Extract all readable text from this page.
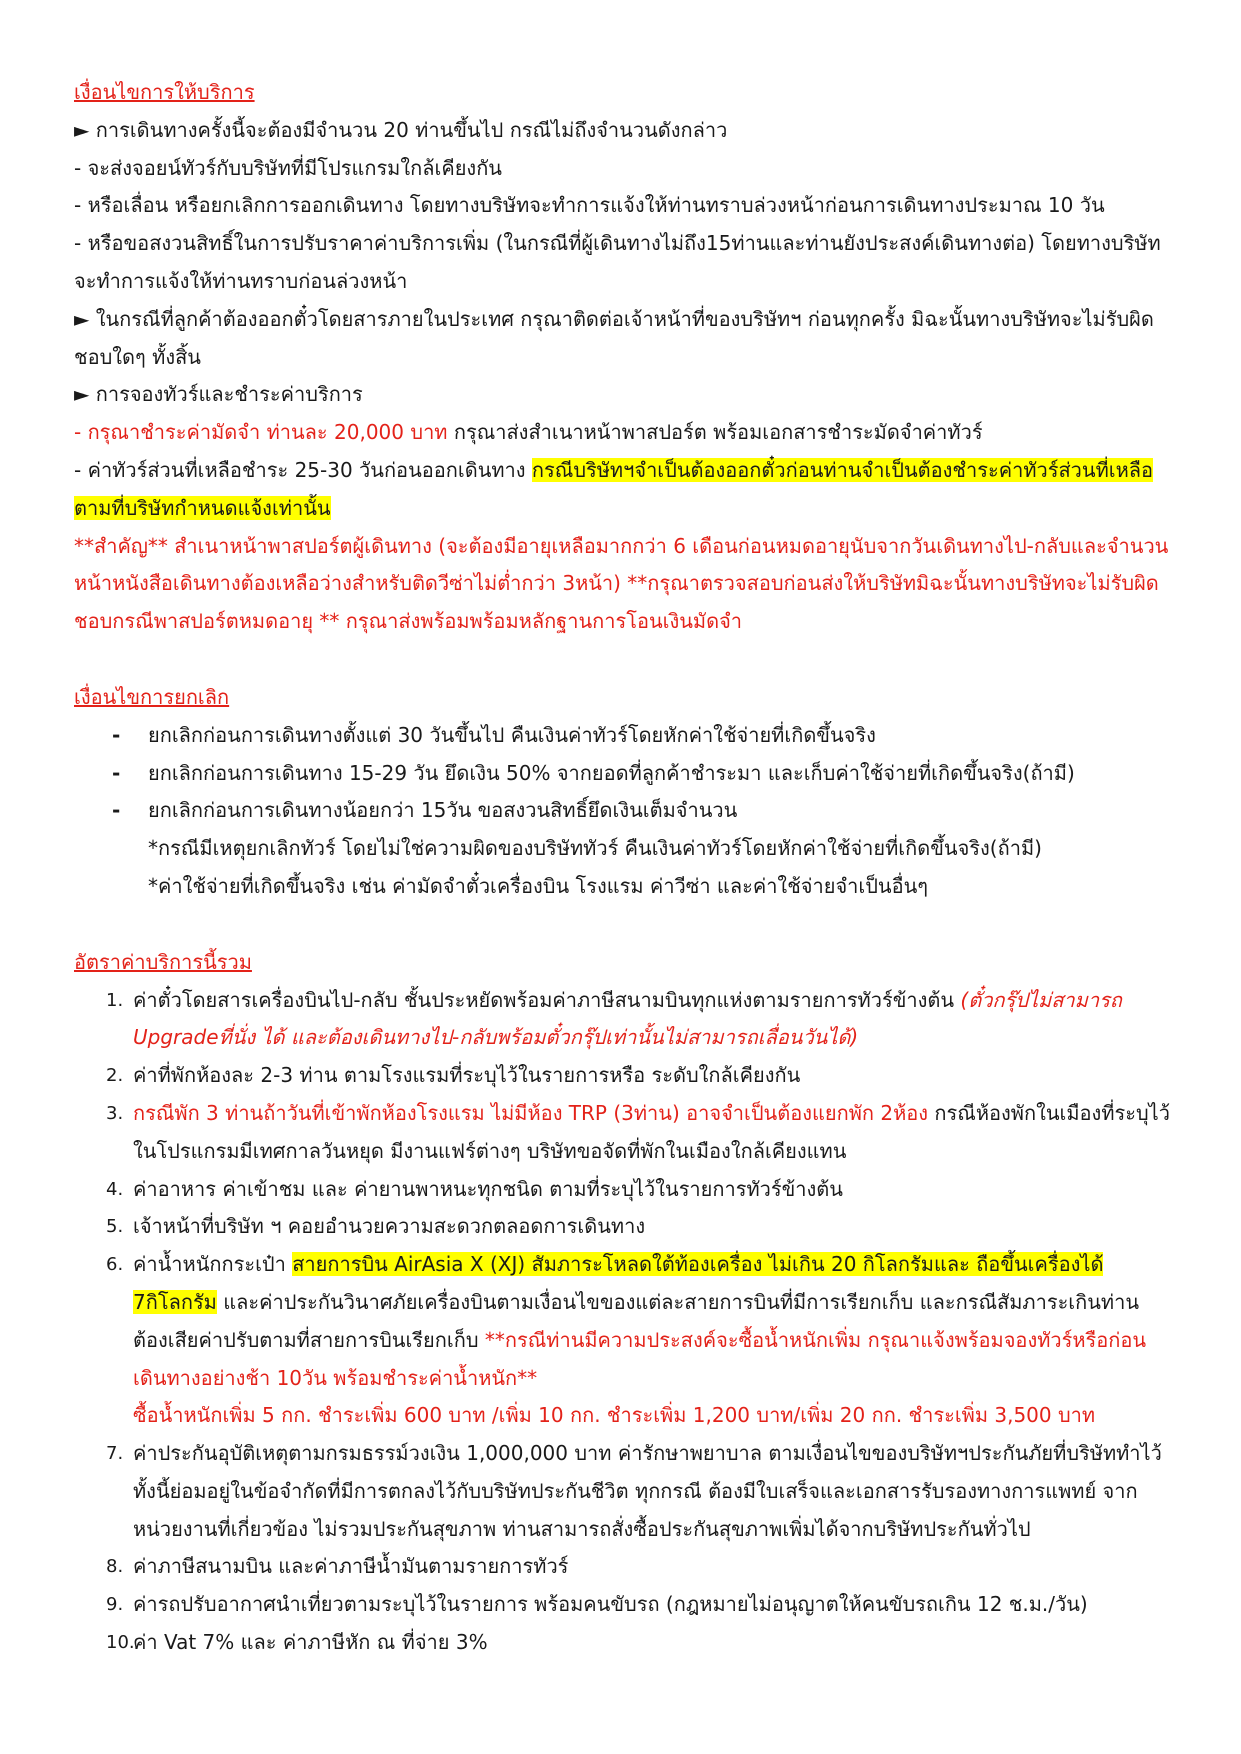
เงื่อนไขการให้บริการ

► การเดินทางครั้งนี้จะต้องมีจำนวน 20 ท่านขึ้นไป กรณีไม่ถึงจำนวนดังกล่าว

- จะส่งจอยน์ทัวร์กับบริษัทที่มีโปรแกรมใกล้เคียงกัน

- หรือเลื่อน หรือยกเลิกการออกเดินทาง โดยทางบริษัทจะทำการแจ้งให้ท่านทราบล่วงหน้าก่อนการเดินทางประมาณ 10 วัน

- หรือขอสงวนสิทธิ์ในการปรับราคาค่าบริการเพิ่ม (ในกรณีที่ผู้เดินทางไม่ถึง15ท่านและท่านยังประสงค์เดินทางต่อ) โดยทางบริษัทจะทำการแจ้งให้ท่านทราบก่อนล่วงหน้า

► ในกรณีที่ลูกค้าต้องออกตั๋วโดยสารภายในประเทศ กรุณาติดต่อเจ้าหน้าที่ของบริษัทฯ ก่อนทุกครั้ง มิฉะนั้นทางบริษัทจะไม่รับผิดชอบใดๆ ทั้งสิ้น

► การจองทัวร์และชำระค่าบริการ

- กรุณาชำระค่ามัดจำ ท่านละ 20,000 บาท กรุณาส่งสำเนาหน้าพาสปอร์ต พร้อมเอกสารชำระมัดจำค่าทัวร์

- ค่าทัวร์ส่วนที่เหลือชำระ 25-30 วันก่อนออกเดินทาง กรณีบริษัทฯจำเป็นต้องออกตั๋วก่อนท่านจำเป็นต้องชำระค่าทัวร์ส่วนที่เหลือตามที่บริษัทกำหนดแจ้งเท่านั้น

**สำคัญ** สำเนาหน้าพาสปอร์ตผู้เดินทาง (จะต้องมีอายุเหลือมากกว่า 6 เดือนก่อนหมดอายุนับจากวันเดินทางไป-กลับและจำนวนหน้าหนังสือเดินทางต้องเหลือว่างสำหรับติดวีซ่าไม่ต่ำกว่า 3หน้า) **กรุณาตรวจสอบก่อนส่งให้บริษัทมิฉะนั้นทางบริษัทจะไม่รับผิดชอบกรณีพาสปอร์ตหมดอายุ ** กรุณาส่งพร้อมพร้อมหลักฐานการโอนเงินมัดจำ

เงื่อนไขการยกเลิก

- ยกเลิกก่อนการเดินทางตั้งแต่ 30 วันขึ้นไป คืนเงินค่าทัวร์โดยหักค่าใช้จ่ายที่เกิดขึ้นจริง
- ยกเลิกก่อนการเดินทาง 15-29 วัน ยึดเงิน 50% จากยอดที่ลูกค้าชำระมา และเก็บค่าใช้จ่ายที่เกิดขึ้นจริง(ถ้ามี)
- ยกเลิกก่อนการเดินทางน้อยกว่า 15วัน ขอสงวนสิทธิ์ยึดเงินเต็มจำนวน
*กรณีมีเหตุยกเลิกทัวร์ โดยไม่ใช่ความผิดของบริษัททัวร์ คืนเงินค่าทัวร์โดยหักค่าใช้จ่ายที่เกิดขึ้นจริง(ถ้ามี)
*ค่าใช้จ่ายที่เกิดขึ้นจริง เช่น ค่ามัดจำตั๋วเครื่องบิน โรงแรม ค่าวีซ่า และค่าใช้จ่ายจำเป็นอื่นๆ

อัตราค่าบริการนี้รวม

1. ค่าตั๋วโดยสารเครื่องบินไป-กลับ ชั้นประหยัดพร้อมค่าภาษีสนามบินทุกแห่งตามรายการทัวร์ข้างต้น (ตั๋วกรุ๊ปไม่สามารถ Upgradeที่นั่ง ได้ และต้องเดินทางไป-กลับพร้อมตั๋วกรุ๊ปเท่านั้นไม่สามารถเลื่อนวันได้)
2. ค่าที่พักห้องละ 2-3 ท่าน ตามโรงแรมที่ระบุไว้ในรายการหรือ ระดับใกล้เคียงกัน
3. กรณีพัก 3 ท่านถ้าวันที่เข้าพักห้องโรงแรม ไม่มีห้อง TRP (3ท่าน) อาจจำเป็นต้องแยกพัก 2ห้อง กรณีห้องพักในเมืองที่ระบุไว้ในโปรแกรมมีเทศกาลวันหยุด มีงานแฟร์ต่างๆ บริษัทขอจัดที่พักในเมืองใกล้เคียงแทน
4. ค่าอาหาร ค่าเข้าชม และ ค่ายานพาหนะทุกชนิด ตามที่ระบุไว้ในรายการทัวร์ข้างต้น
5. เจ้าหน้าที่บริษัท ฯ คอยอำนวยความสะดวกตลอดการเดินทาง
6. ค่าน้ำหนักกระเป๋า สายการบิน AirAsia X (XJ) สัมภาระโหลดใต้ท้องเครื่อง ไม่เกิน 20 กิโลกรัมและ ถือขึ้นเครื่องได้ 7กิโลกรัม และค่าประกันวินาศภัยเครื่องบินตามเงื่อนไขของแต่ละสายการบินที่มีการเรียกเก็บ และกรณีสัมภาระเกินท่านต้องเสียค่าปรับตามที่สายการบินเรียกเก็บ **กรณีท่านมีความประสงค์จะซื้อน้ำหนักเพิ่ม กรุณาแจ้งพร้อมจองทัวร์หรือก่อนเดินทางอย่างช้า 10วัน พร้อมชำระค่าน้ำหนัก**
ซื้อน้ำหนักเพิ่ม 5 กก. ชำระเพิ่ม 600 บาท /เพิ่ม 10 กก. ชำระเพิ่ม 1,200 บาท/เพิ่ม 20 กก. ชำระเพิ่ม 3,500 บาท
7. ค่าประกันอุบัติเหตุตามกรมธรรม์วงเงิน 1,000,000 บาท ค่ารักษาพยาบาล ตามเงื่อนไขของบริษัทฯประกันภัยที่บริษัททำไว้ ทั้งนี้ย่อมอยู่ในข้อจำกัดที่มีการตกลงไว้กับบริษัทประกันชีวิต ทุกกรณี ต้องมีใบเสร็จและเอกสารรับรองทางการแพทย์ จากหน่วยงานที่เกี่ยวข้อง ไม่รวมประกันสุขภาพ ท่านสามารถสั่งซื้อประกันสุขภาพเพิ่มได้จากบริษัทประกันทั่วไป
8. ค่าภาษีสนามบิน และค่าภาษีน้ำมันตามรายการทัวร์
9. ค่ารถปรับอากาศนำเที่ยวตามระบุไว้ในรายการ พร้อมคนขับรถ (กฎหมายไม่อนุญาตให้คนขับรถเกิน 12 ช.ม./วัน)
10.
ค่า Vat 7% และ ค่าภาษีหัก ณ ที่จ่าย 3%
